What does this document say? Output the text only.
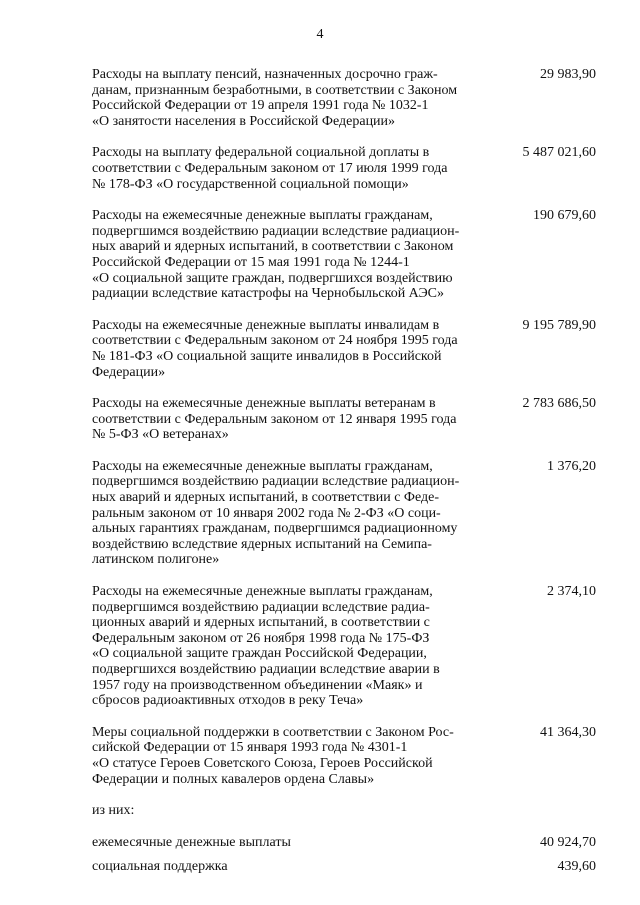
4
Расходы на выплату пенсий, назначенных досрочно граж-
данам, признанным безработными, в соответствии с Законом
Российской Федерации от 19 апреля 1991 года № 1032-1
«О занятости населения в Российской Федерации»
29 983,90
Расходы на выплату федеральной социальной доплаты в
соответствии с Федеральным законом от 17 июля 1999 года
№ 178-ФЗ «О государственной социальной помощи»
5 487 021,60
Расходы на ежемесячные денежные выплаты гражданам,
подвергшимся воздействию радиации вследствие радиацион-
ных аварий и ядерных испытаний, в соответствии с Законом
Российской Федерации от 15 мая 1991 года № 1244-1
«О социальной защите граждан, подвергшихся воздействию
радиации вследствие катастрофы на Чернобыльской АЭС»
190 679,60
Расходы на ежемесячные денежные выплаты инвалидам в
соответствии с Федеральным законом от 24 ноября 1995 года
№ 181-ФЗ «О социальной защите инвалидов в Российской
Федерации»
9 195 789,90
Расходы на ежемесячные денежные выплаты ветеранам в
соответствии с Федеральным законом от 12 января 1995 года
№ 5-ФЗ «О ветеранах»
2 783 686,50
Расходы на ежемесячные денежные выплаты гражданам,
подвергшимся воздействию радиации вследствие радиацион-
ных аварий и ядерных испытаний, в соответствии с Феде-
ральным законом от 10 января 2002 года № 2-ФЗ «О соци-
альных гарантиях гражданам, подвергшимся радиационному
воздействию вследствие ядерных испытаний на Семипа-
латинском полигоне»
1 376,20
Расходы на ежемесячные денежные выплаты гражданам,
подвергшимся воздействию радиации вследствие радиа-
ционных аварий и ядерных испытаний, в соответствии с
Федеральным законом от 26 ноября 1998 года № 175-ФЗ
«О социальной защите граждан Российской Федерации,
подвергшихся воздействию радиации вследствие аварии в
1957 году на производственном объединении «Маяк» и
сбросов радиоактивных отходов в реку Теча»
2 374,10
Меры социальной поддержки в соответствии с Законом Рос-
сийской Федерации от 15 января 1993 года № 4301-1
«О статусе Героев Советского Союза, Героев Российской
Федерации и полных кавалеров ордена Славы»
41 364,30
из них:
ежемесячные денежные выплаты	40 924,70
социальная поддержка	439,60
